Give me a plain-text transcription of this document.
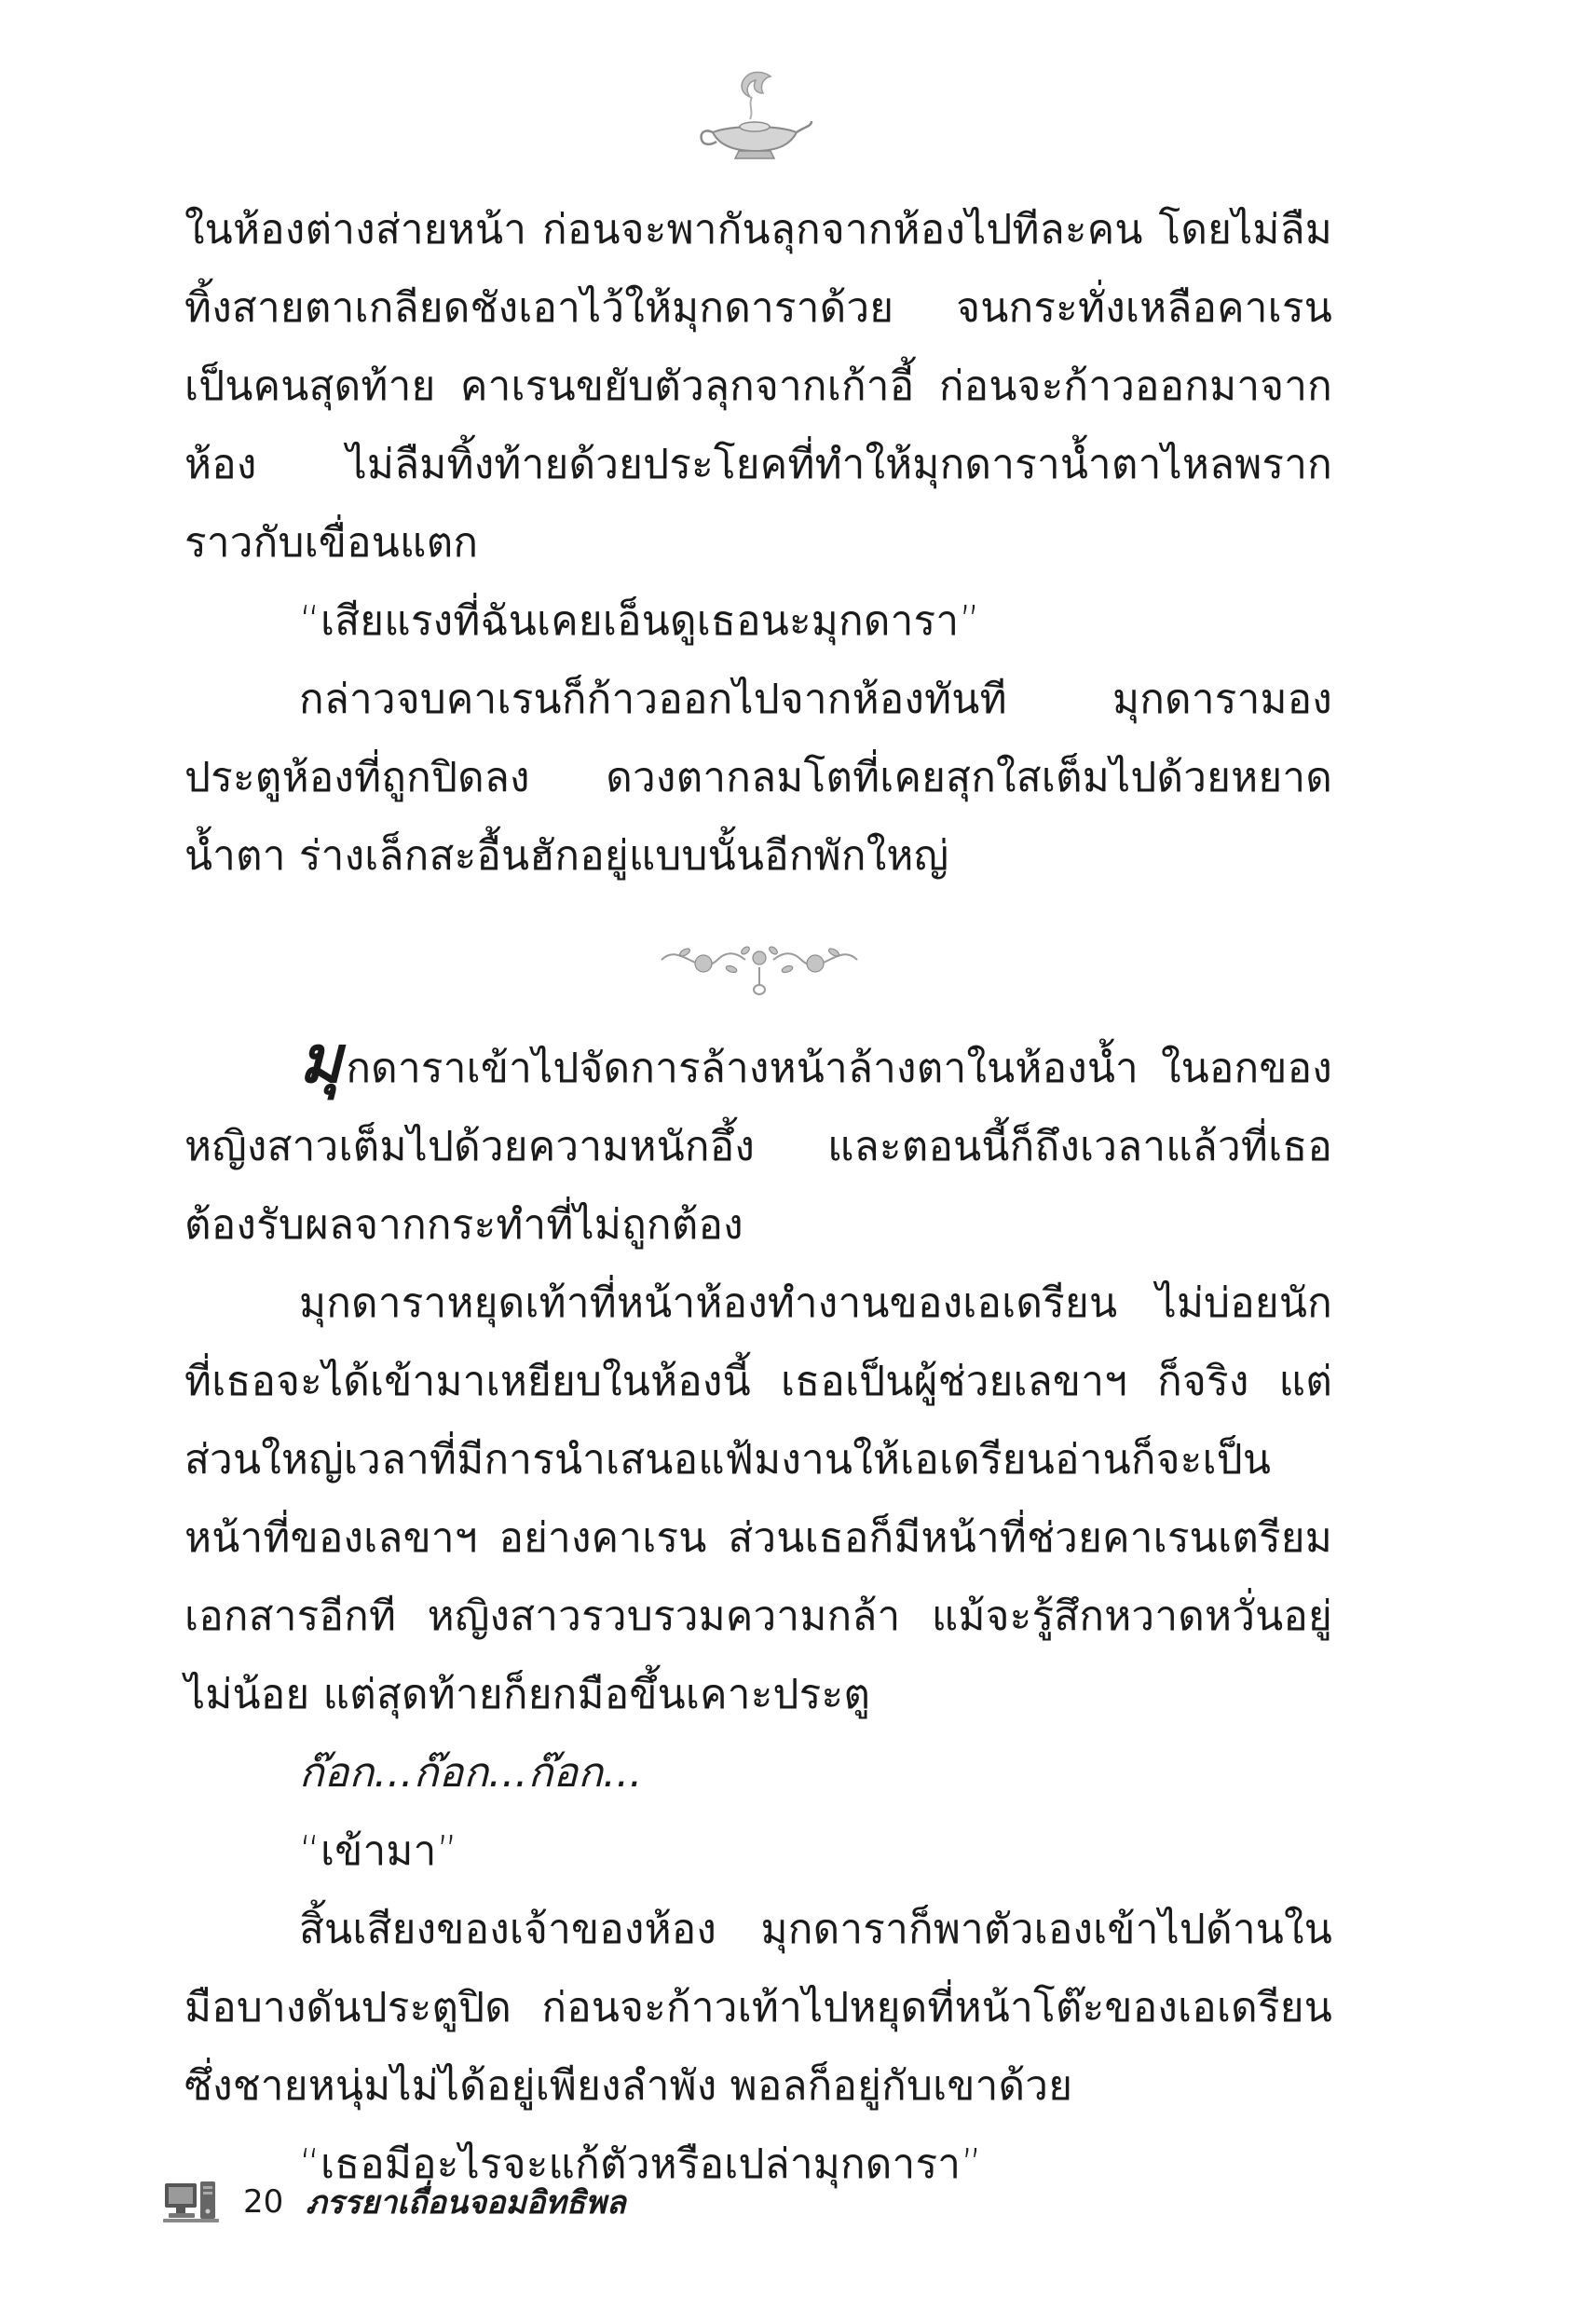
ในห้องต่างส่ายหน้า ก่อนจะพากันลุกจากห้องไปทีละคน โดยไม่ลืมทิ้งสายตาเกลียดชังเอาไว้ให้มุกดาราด้วย จนกระทั่งเหลือคาเรนเป็นคนสุดท้าย คาเรนขยับตัวลุกจากเก้าอี้ ก่อนจะก้าวออกมาจากห้อง ไม่ลืมทิ้งท้ายด้วยประโยคที่ทำให้มุกดาราน้ำตาไหลพรากราวกับเขื่อนแตก

“เสียแรงที่ฉันเคยเอ็นดูเธอนะมุกดารา”

กล่าวจบคาเรนก็ก้าวออกไปจากห้องทันที มุกดารามองประตูห้องที่ถูกปิดลง ดวงตากลมโตที่เคยสุกใสเต็มไปด้วยหยาดน้ำตา ร่างเล็กสะอื้นฮักอยู่แบบนั้นอีกพักใหญ่

มุกดาราเข้าไปจัดการล้างหน้าล้างตาในห้องน้ำ ในอกของหญิงสาวเต็มไปด้วยความหนักอึ้ง และตอนนี้ก็ถึงเวลาแล้วที่เธอต้องรับผลจากกระทำที่ไม่ถูกต้อง

มุกดาราหยุดเท้าที่หน้าห้องทำงานของเอเดรียน ไม่บ่อยนักที่เธอจะได้เข้ามาเหยียบในห้องนี้ เธอเป็นผู้ช่วยเลขาฯ ก็จริง แต่ส่วนใหญ่เวลาที่มีการนำเสนอแฟ้มงานให้เอเดรียนอ่านก็จะเป็นหน้าที่ของเลขาฯ อย่างคาเรน ส่วนเธอก็มีหน้าที่ช่วยคาเรนเตรียมเอกสารอีกที หญิงสาวรวบรวมความกล้า แม้จะรู้สึกหวาดหวั่นอยู่ไม่น้อย แต่สุดท้ายก็ยกมือขึ้นเคาะประตู

ก๊อก...ก๊อก...ก๊อก...

“เข้ามา”

สิ้นเสียงของเจ้าของห้อง มุกดาราก็พาตัวเองเข้าไปด้านในมือบางดันประตูปิด ก่อนจะก้าวเท้าไปหยุดที่หน้าโต๊ะของเอเดรียนซึ่งชายหนุ่มไม่ได้อยู่เพียงลำพัง พอลก็อยู่กับเขาด้วย

“เธอมีอะไรจะแก้ตัวหรือเปล่ามุกดารา”

20 ภรรยาเถื่อนจอมอิทธิพล
